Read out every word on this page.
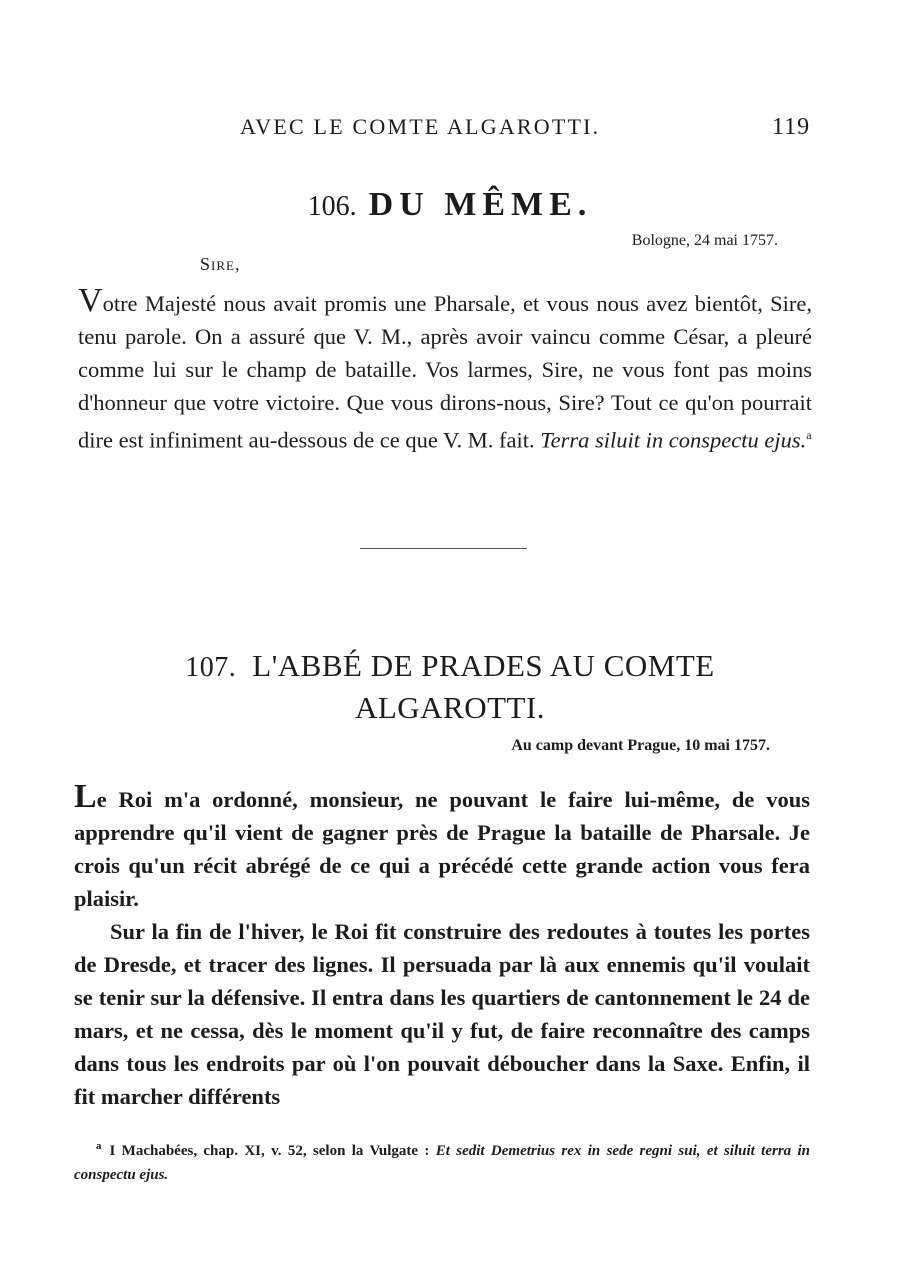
AVEC LE COMTE ALGAROTTI.	119
106. DU MÊME.
Bologne, 24 mai 1757.
Sire,
Votre Majesté nous avait promis une Pharsale, et vous nous avez bientôt, Sire, tenu parole. On a assuré que V. M., après avoir vaincu comme César, a pleuré comme lui sur le champ de bataille. Vos larmes, Sire, ne vous font pas moins d'honneur que votre victoire. Que vous dirons-nous, Sire? Tout ce qu'on pourrait dire est infiniment au-dessous de ce que V. M. fait. Terra siluit in conspectu ejus.$^a$
107. L'ABBÉ DE PRADES AU COMTE ALGAROTTI.
Au camp devant Prague, 10 mai 1757.

Le Roi m'a ordonné, monsieur, ne pouvant le faire lui-même, de vous apprendre qu'il vient de gagner près de Prague la bataille de Pharsale. Je crois qu'un récit abrégé de ce qui a précédé cette grande action vous fera plaisir.

Sur la fin de l'hiver, le Roi fit construire des redoutes à toutes les portes de Dresde, et tracer des lignes. Il persuada par là aux ennemis qu'il voulait se tenir sur la défensive. Il entra dans les quartiers de cantonnement le 24 de mars, et ne cessa, dès le moment qu'il y fut, de faire reconnaître des camps dans tous les endroits par où l'on pouvait déboucher dans la Saxe. Enfin, il fit marcher différents

$^a$ I Machabées, chap. XI, v. 52, selon la Vulgate : Et sedit Demetrius rex in sede regni sui, et siluit terra in conspectu ejus.
